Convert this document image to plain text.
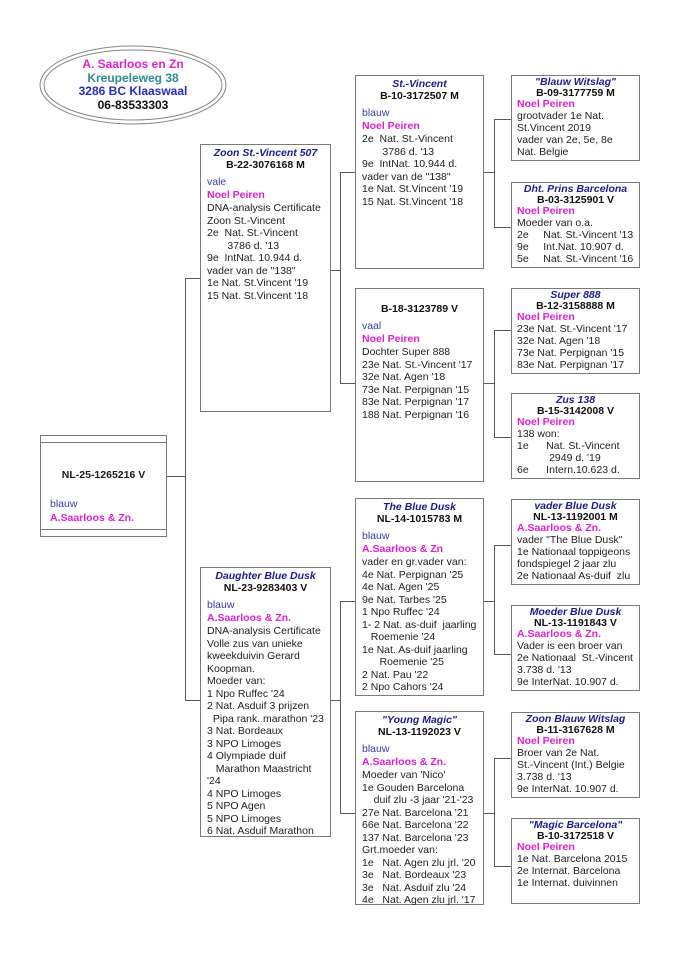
A. Saarloos en Zn
Kreupeleweg 38
3286 BC Klaaswaal
06-83533303
NL-25-1265216 V
blauw
A.Saarloos & Zn.
Zoon St.-Vincent 507
B-22-3076168 M
vale
Noel Peiren
DNA-analysis Certificate
Zoon St.-Vincent
2e  Nat. St.-Vincent
3786 d. '13
9e  IntNat. 10.944 d.
vader van de "138"
1e Nat. St.Vincent '19
15 Nat. St.Vincent '18
Daughter Blue Dusk
NL-23-9283403 V
blauw
A.Saarloos & Zn.
DNA-analysis Certificate
Volle zus van unieke
kweekduivin Gerard
Koopman.
Moeder van:
1 Npo Ruffec '24
2 Nat. Asduif 3 prijzen
Pipa rank. marathon '23
3 Nat. Bordeaux
3 NPO Limoges
4 Olympiade duif
Marathon Maastricht
'24
4 NPO Limoges
5 NPO Agen
5 NPO Limoges
6 Nat. Asduif Marathon
St.-Vincent
B-10-3172507 M
blauw
Noel Peiren
2e  Nat. St.-Vincent
3786 d. '13
9e  IntNat. 10.944 d.
vader van de "138"
1e Nat. St.Vincent '19
15 Nat. St.Vincent '18
B-18-3123789 V
vaal
Noel Peiren
Dochter Super 888
23e Nat. St.-Vincent '17
32e Nat. Agen '18
73e Nat. Perpignan '15
83e Nat. Perpignan '17
188 Nat. Perpignan '16
The Blue Dusk
NL-14-1015783 M
blauw
A.Saarloos & Zn
vader en gr.vader van:
4e Nat. Perpignan '25
4e Nat. Agen '25
9e Nat. Tarbes '25
1 Npo Ruffec '24
1- 2 Nat. as-duif  jaarling
Roemenie '24
1e Nat. As-duif jaarling
Roemenie '25
2 Nat. Pau '22
2 Npo Cahors '24
"Young Magic"
NL-13-1192023 V
blauw
A.Saarloos & Zn.
Moeder van 'Nico'
1e Gouden Barcelona
duif zlu -3 jaar '21-'23
27e Nat. Barcelona '21
66e Nat. Barcelona '22
137 Nat. Barcelona '23
Grt.moeder van:
1e   Nat. Agen zlu jrl. '20
3e   Nat. Bordeaux '23
3e   Nat. Asduif zlu '24
4e   Nat. Agen zlu jrl. '17
"Blauw Witslag"
B-09-3177759 M
Noel Peiren
grootvader 1e Nat.
St.Vincent 2019
vader van 2e, 5e, 8e
Nat. Belgie
Dht. Prins Barcelona
B-03-3125901 V
Noel Peiren
Moeder van o.a.
2e     Nat. St.-Vincent '13
9e     Int.Nat. 10.907 d.
5e     Nat. St.-Vincent '16
Super 888
B-12-3158888 M
Noel Peiren
23e Nat. St.-Vincent '17
32e Nat. Agen '18
73e Nat. Perpignan '15
83e Nat. Perpignan '17
Zus 138
B-15-3142008 V
Noel Peiren
138 won:
1e      Nat. St.-Vincent
2949 d. '19
6e      Intern.10.623 d.
vader Blue Dusk
NL-13-1192001 M
A.Saarloos & Zn.
vader "The Blue Dusk"
1e Nationaal toppigeons
fondspiegel 2 jaar zlu
2e Nationaal As-duif  zlu
Moeder Blue Dusk
NL-13-1191843 V
A.Saarloos & Zn.
Vader is een broer van
2e Nationaal  St.-Vincent
3.738 d. '13
9e InterNat. 10.907 d.
Zoon Blauw Witslag
B-11-3167628 M
Noel Peiren
Broer van 2e Nat.
St.-Vincent (Int.) Belgie
3.738 d. '13
9e InterNat. 10.907 d.
"Magic Barcelona"
B-10-3172518 V
Noel Peiren
1e Nat. Barcelona 2015
2e Internat. Barcelona
1e Internat. duivinnen
